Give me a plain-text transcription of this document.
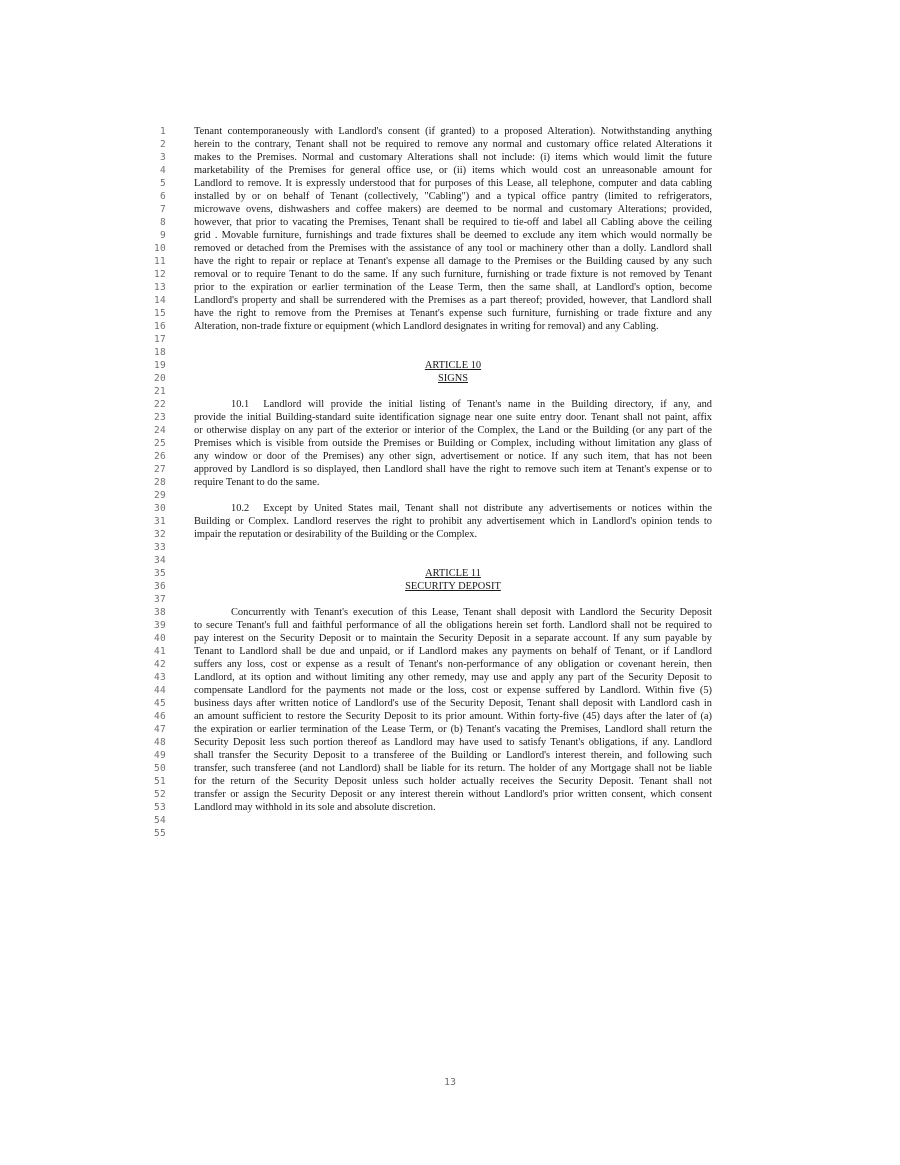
1	Tenant contemporaneously with Landlord's consent (if granted) to a proposed Alteration). Notwithstanding anything
2	herein to the contrary, Tenant shall not be required to remove any normal and customary office related Alterations it
3	makes to the Premises. Normal and customary Alterations shall not include: (i) items which would limit the future
4	marketability of the Premises for general office use, or (ii) items which would cost an unreasonable amount for
5	Landlord to remove. It is expressly understood that for purposes of this Lease, all telephone, computer and data cabling
6	installed by or on behalf of Tenant (collectively, "Cabling") and a typical office pantry (limited to refrigerators,
7	microwave ovens, dishwashers and coffee makers) are deemed to be normal and customary Alterations; provided,
8	however, that prior to vacating the Premises, Tenant shall be required to tie-off and label all Cabling above the ceiling
9	grid . Movable furniture, furnishings and trade fixtures shall be deemed to exclude any item which would normally be
10	removed or detached from the Premises with the assistance of any tool or machinery other than a dolly. Landlord shall
11	have the right to repair or replace at Tenant's expense all damage to the Premises or the Building caused by any such
12	removal or to require Tenant to do the same. If any such furniture, furnishing or trade fixture is not removed by Tenant
13	prior to the expiration or earlier termination of the Lease Term, then the same shall, at Landlord's option, become
14	Landlord's property and shall be surrendered with the Premises as a part thereof; provided, however, that Landlord shall
15	have the right to remove from the Premises at Tenant's expense such furniture, furnishing or trade fixture and any
16	Alteration, non-trade fixture or equipment (which Landlord designates in writing for removal) and any Cabling.
17
18
19	ARTICLE 10
20	SIGNS
21
22	10.1 Landlord will provide the initial listing of Tenant's name in the Building directory, if any, and
23	provide the initial Building-standard suite identification signage near one suite entry door. Tenant shall not paint, affix
24	or otherwise display on any part of the exterior or interior of the Complex, the Land or the Building (or any part of the
25	Premises which is visible from outside the Premises or Building or Complex, including without limitation any glass of
26	any window or door of the Premises) any other sign, advertisement or notice. If any such item, that has not been
27	approved by Landlord is so displayed, then Landlord shall have the right to remove such item at Tenant's expense or to
28	require Tenant to do the same.
29
30	10.2 Except by United States mail, Tenant shall not distribute any advertisements or notices within the
31	Building or Complex. Landlord reserves the right to prohibit any advertisement which in Landlord's opinion tends to
32	impair the reputation or desirability of the Building or the Complex.
33
34
35	ARTICLE 11
36	SECURITY DEPOSIT
37
38	Concurrently with Tenant's execution of this Lease, Tenant shall deposit with Landlord the Security Deposit
39	to secure Tenant's full and faithful performance of all the obligations herein set forth. Landlord shall not be required to
40	pay interest on the Security Deposit or to maintain the Security Deposit in a separate account. If any sum payable by
41	Tenant to Landlord shall be due and unpaid, or if Landlord makes any payments on behalf of Tenant, or if Landlord
42	suffers any loss, cost or expense as a result of Tenant's non-performance of any obligation or covenant herein, then
43	Landlord, at its option and without limiting any other remedy, may use and apply any part of the Security Deposit to
44	compensate Landlord for the payments not made or the loss, cost or expense suffered by Landlord. Within five (5)
45	business days after written notice of Landlord's use of the Security Deposit, Tenant shall deposit with Landlord cash in
46	an amount sufficient to restore the Security Deposit to its prior amount. Within forty-five (45) days after the later of (a)
47	the expiration or earlier termination of the Lease Term, or (b) Tenant's vacating the Premises, Landlord shall return the
48	Security Deposit less such portion thereof as Landlord may have used to satisfy Tenant's obligations, if any. Landlord
49	shall transfer the Security Deposit to a transferee of the Building or Landlord's interest therein, and following such
50	transfer, such transferee (and not Landlord) shall be liable for its return. The holder of any Mortgage shall not be liable
51	for the return of the Security Deposit unless such holder actually receives the Security Deposit. Tenant shall not
52	transfer or assign the Security Deposit or any interest therein without Landlord's prior written consent, which consent
53	Landlord may withhold in its sole and absolute discretion.
54
55
13
